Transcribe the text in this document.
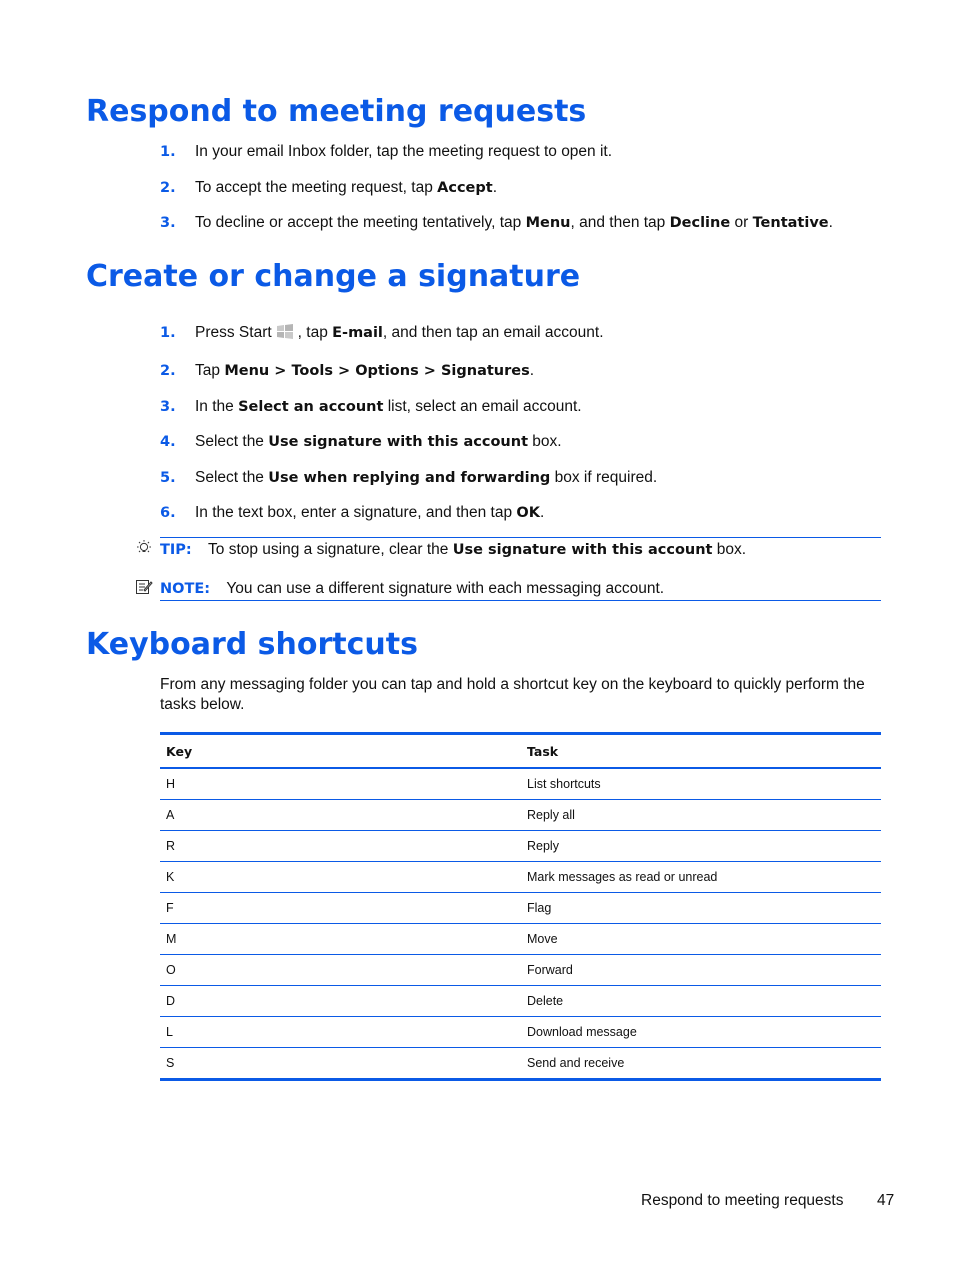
Respond to meeting requests
1. In your email Inbox folder, tap the meeting request to open it.
2. To accept the meeting request, tap Accept.
3. To decline or accept the meeting tentatively, tap Menu, and then tap Decline or Tentative.
Create or change a signature
1. Press Start , tap E-mail, and then tap an email account.
2. Tap Menu > Tools > Options > Signatures.
3. In the Select an account list, select an email account.
4. Select the Use signature with this account box.
5. Select the Use when replying and forwarding box if required.
6. In the text box, enter a signature, and then tap OK.
TIP: To stop using a signature, clear the Use signature with this account box.
NOTE: You can use a different signature with each messaging account.
Keyboard shortcuts
From any messaging folder you can tap and hold a shortcut key on the keyboard to quickly perform the tasks below.
Key	Task
H	List shortcuts
A	Reply all
R	Reply
K	Mark messages as read or unread
F	Flag
M	Move
O	Forward
D	Delete
L	Download message
S	Send and receive
Respond to meeting requests 47
